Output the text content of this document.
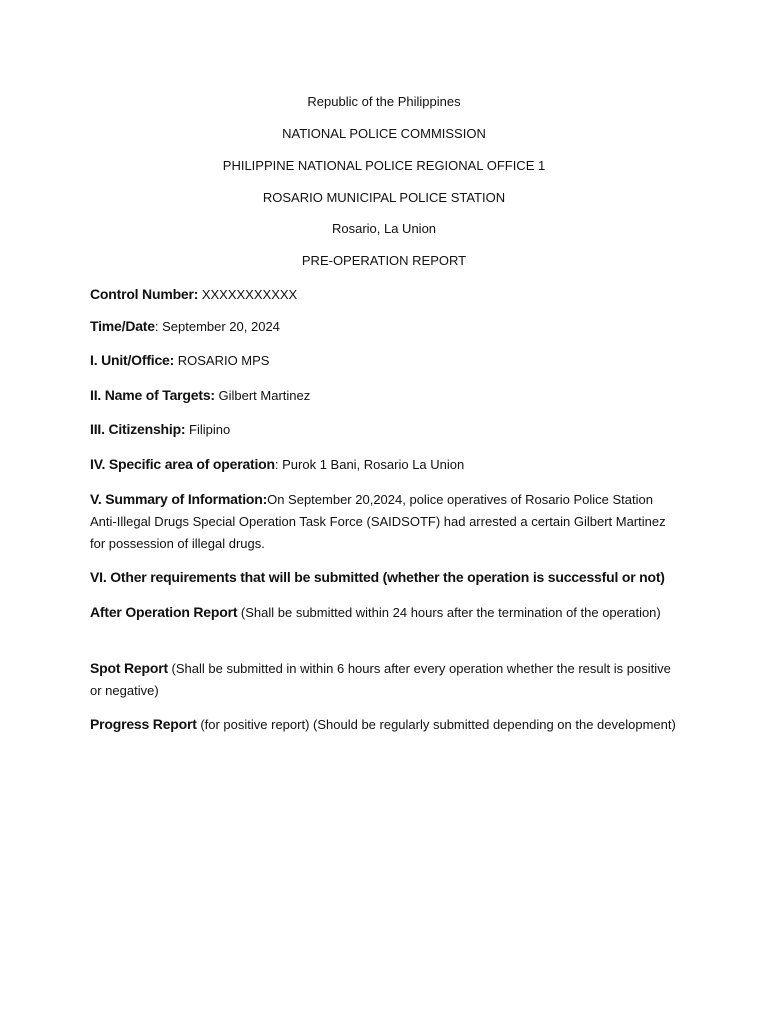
Republic of the Philippines
NATIONAL POLICE COMMISSION
PHILIPPINE NATIONAL POLICE REGIONAL OFFICE 1
ROSARIO MUNICIPAL POLICE STATION
Rosario, La Union
PRE-OPERATION REPORT
Control Number: XXXXXXXXXXX
Time/Date: September 20, 2024
I. Unit/Office: ROSARIO MPS
II. Name of Targets: Gilbert Martinez
III. Citizenship: Filipino
IV. Specific area of operation: Purok 1 Bani, Rosario La Union
V. Summary of Information:On September 20,2024, police operatives of Rosario Police Station Anti-Illegal Drugs Special Operation Task Force (SAIDSOTF) had arrested a certain Gilbert Martinez for possession of illegal drugs.
VI. Other requirements that will be submitted (whether the operation is successful or not)
After Operation Report (Shall be submitted within 24 hours after the termination of the operation)
Spot Report (Shall be submitted in within 6 hours after every operation whether the result is positive or negative)
Progress Report (for positive report) (Should be regularly submitted depending on the development)
